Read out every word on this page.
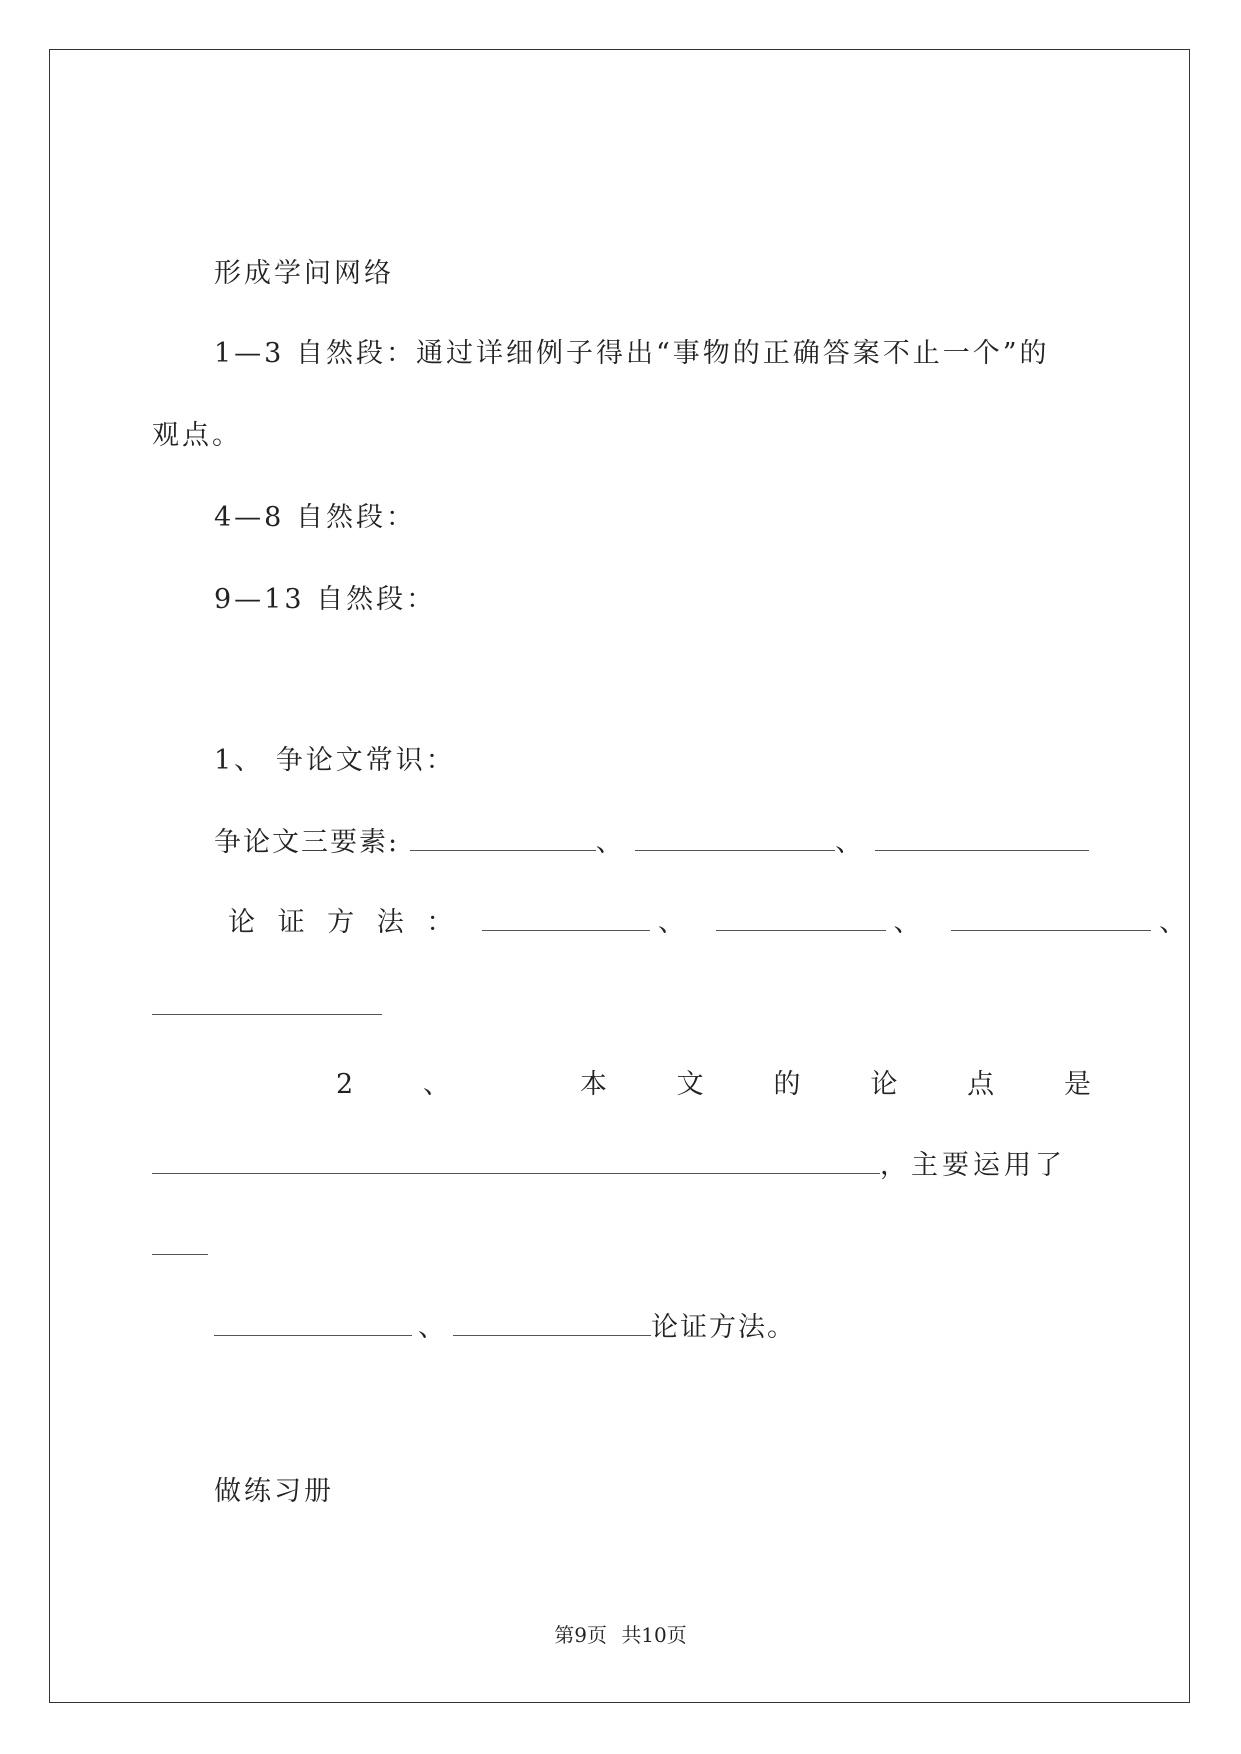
形成学问网络
1—3 自然段：通过详细例子得出“事物的正确答案不止一个”的
观点。
4—8 自然段：
9—13 自然段：
1、 争论文常识：
争论文三要素:	、	、
论 证 方 法 ：	、	、	、
2	、	本	文	的	论	点	是
，主要运用了
、	论证方法。
做练习册
第9页 共10页
